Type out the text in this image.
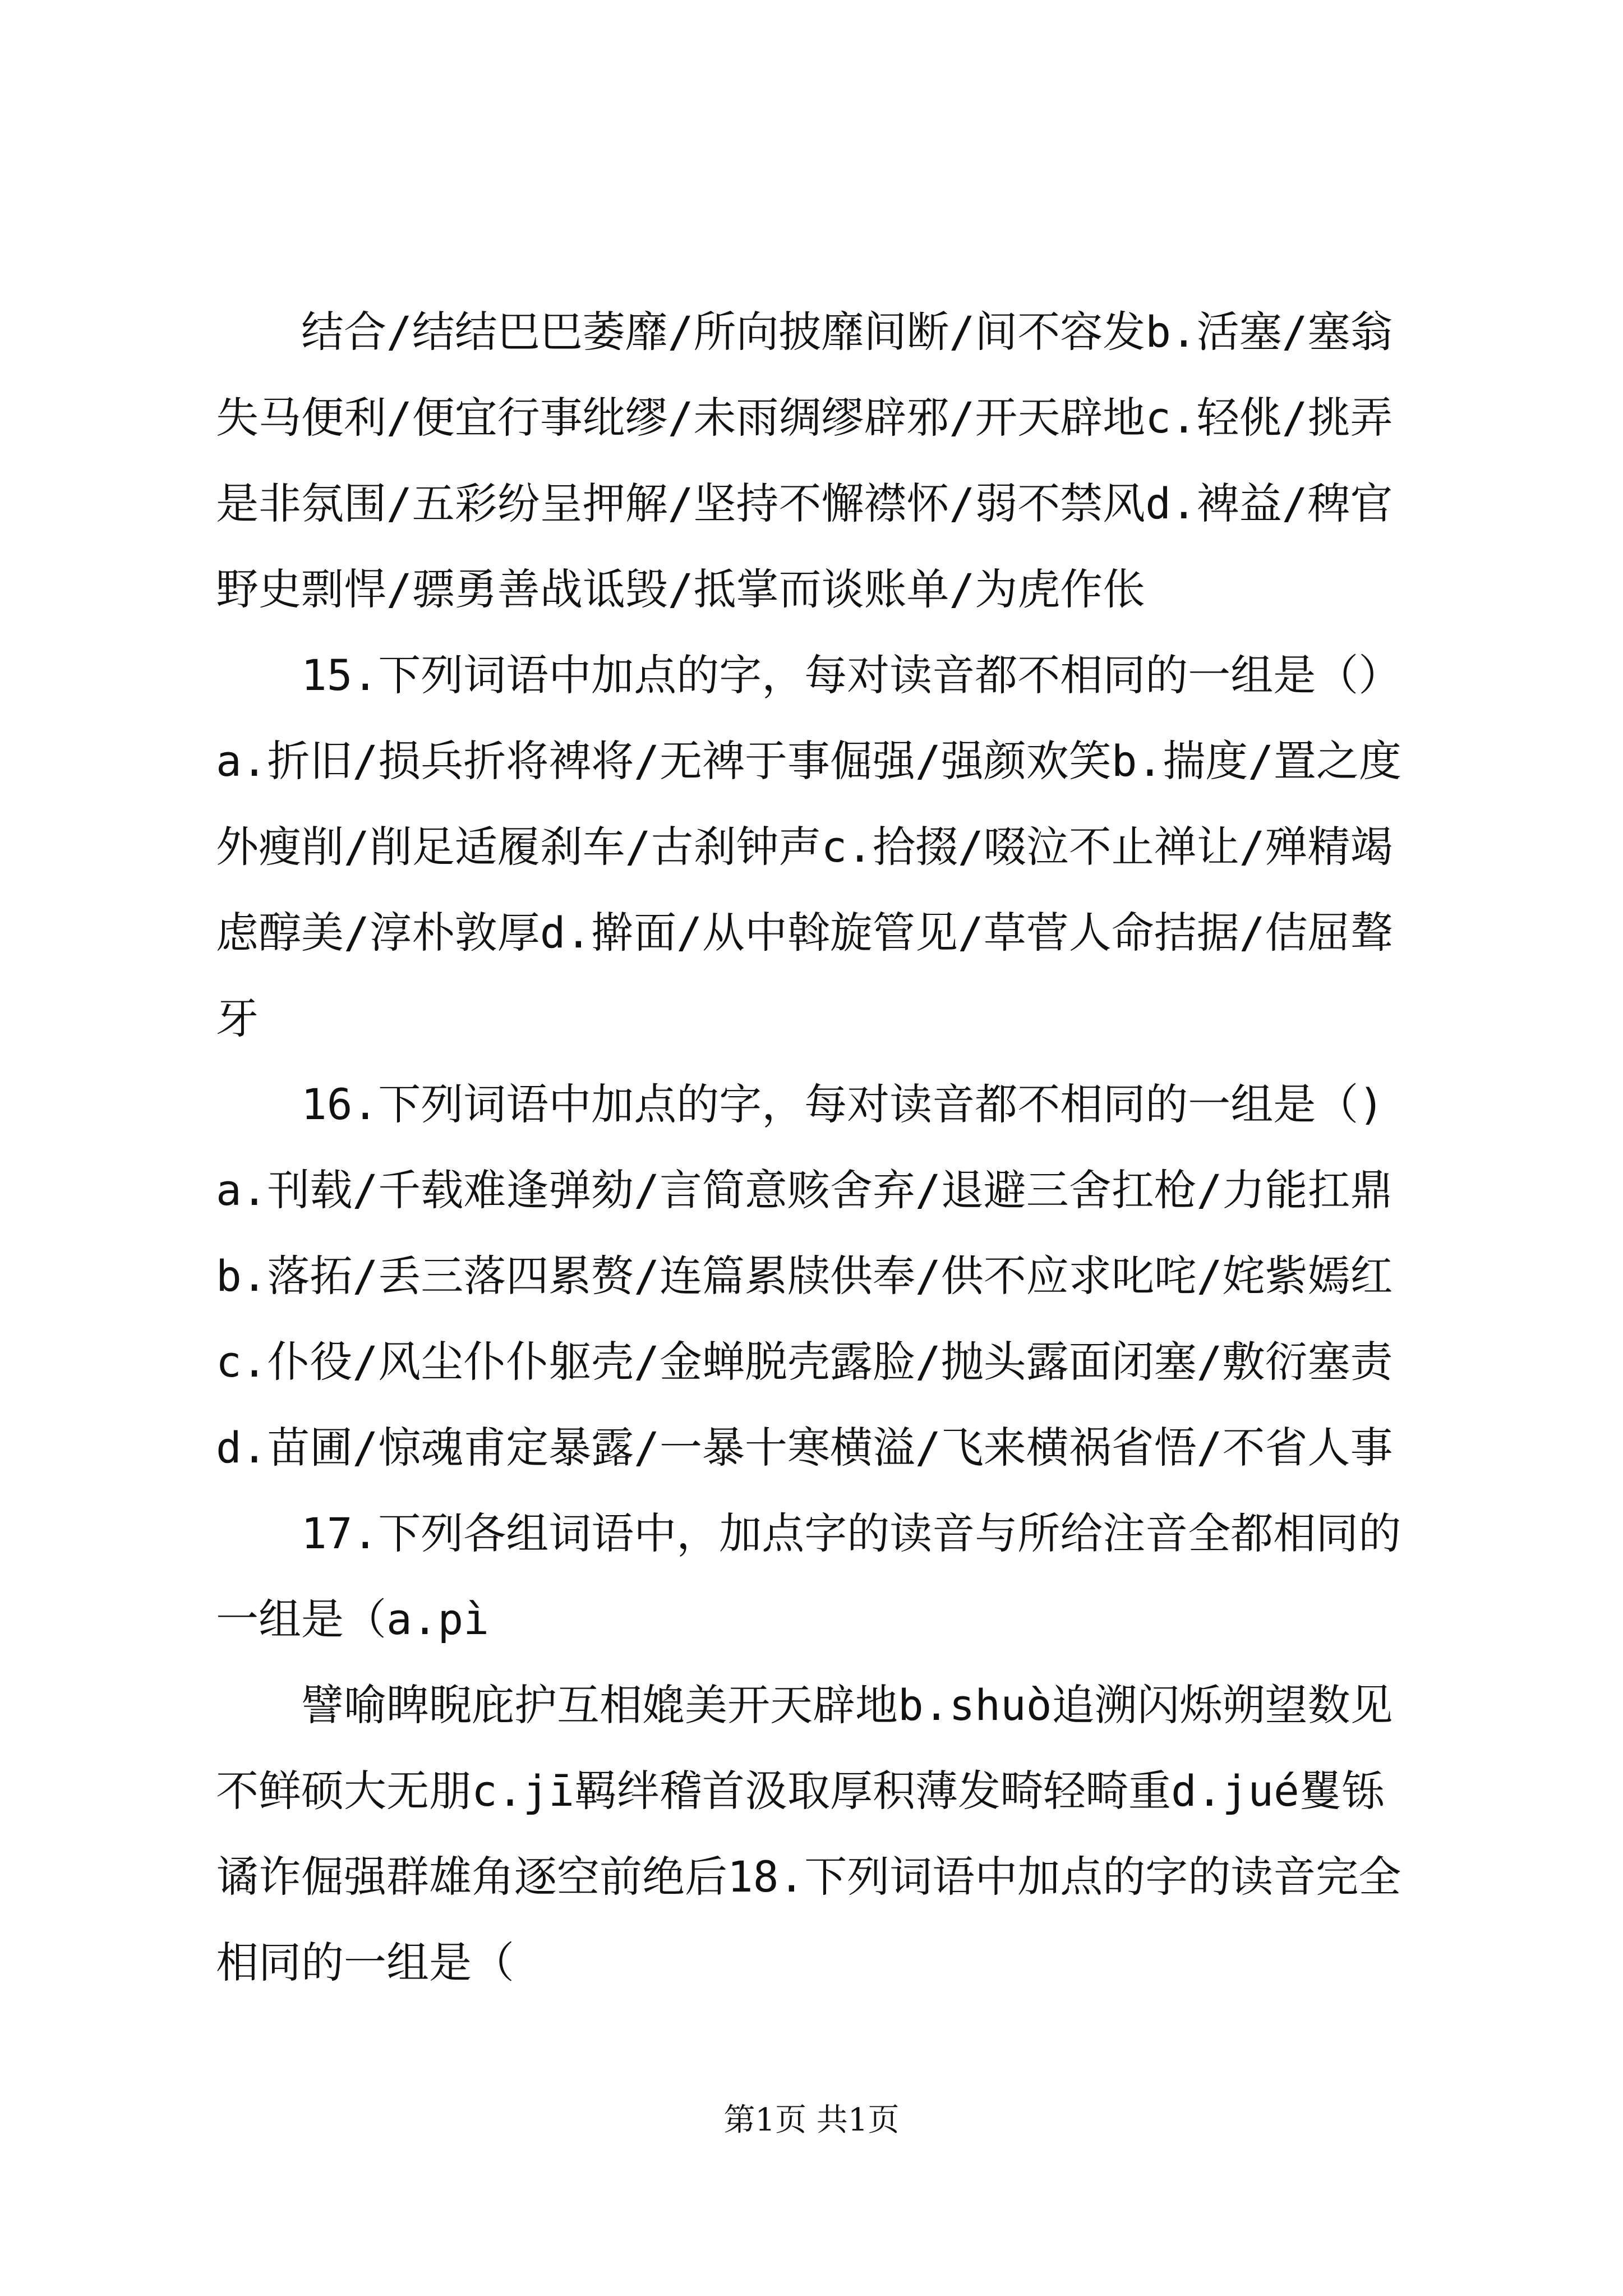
结合/结结巴巴萎靡/所向披靡间断/间不容发b.活塞/塞翁失马便利/便宜行事纰缪/未雨绸缪辟邪/开天辟地c.轻佻/挑弄是非氛围/五彩纷呈押解/坚持不懈襟怀/弱不禁风d.裨益/稗官野史剽悍/骠勇善战诋毁/抵掌而谈账单/为虎作伥

15.下列词语中加点的字，每对读音都不相同的一组是（）a.折旧/损兵折将裨将/无裨于事倔强/强颜欢笑b.揣度/置之度外瘦削/削足适履刹车/古刹钟声c.拾掇/啜泣不止禅让/殚精竭虑醇美/淳朴敦厚d.擀面/从中斡旋管见/草菅人命拮据/佶屈聱牙

16.下列词语中加点的字，每对读音都不相同的一组是（)a.刊载/千载难逢弹劾/言简意赅舍弃/退避三舍扛枪/力能扛鼎b.落拓/丢三落四累赘/连篇累牍供奉/供不应求叱咤/姹紫嫣红c.仆役/风尘仆仆躯壳/金蝉脱壳露脸/抛头露面闭塞/敷衍塞责d.苗圃/惊魂甫定暴露/一暴十寒横溢/飞来横祸省悟/不省人事

17.下列各组词语中，加点字的读音与所给注音全都相同的一组是（a.pì

譬喻睥睨庇护互相媲美开天辟地b.shuò追溯闪烁朔望数见不鲜硕大无朋c.jī羁绊稽首汲取厚积薄发畸轻畸重d.jué矍铄谲诈倔强群雄角逐空前绝后18.下列词语中加点的字的读音完全相同的一组是（

第1页 共1页
